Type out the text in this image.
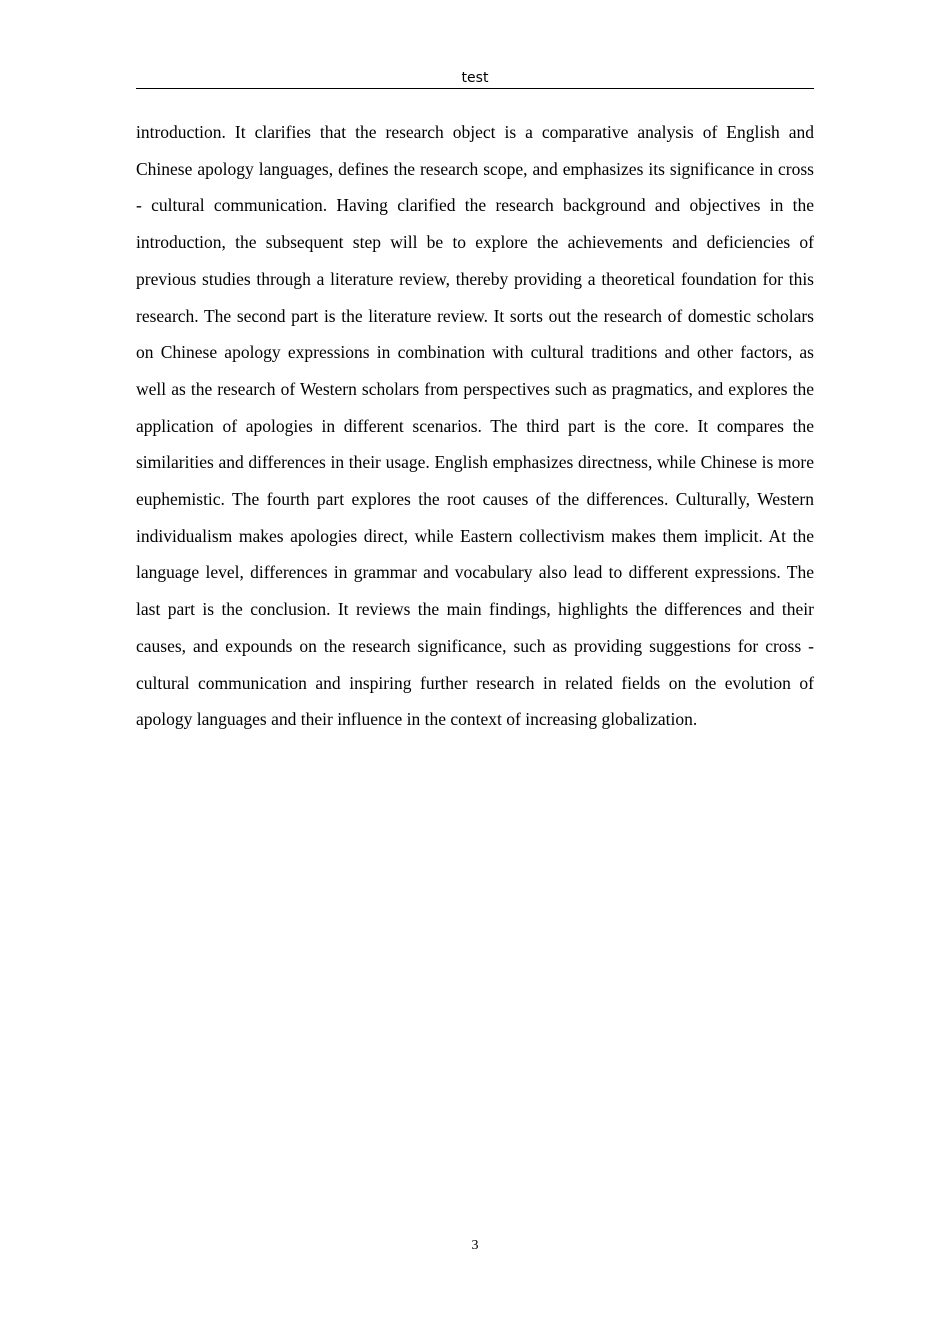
test

introduction. It clarifies that the research object is a comparative analysis of English and Chinese apology languages, defines the research scope, and emphasizes its significance in cross - cultural communication. Having clarified the research background and objectives in the introduction, the subsequent step will be to explore the achievements and deficiencies of previous studies through a literature review, thereby providing a theoretical foundation for this research. The second part is the literature review. It sorts out the research of domestic scholars on Chinese apology expressions in combination with cultural traditions and other factors, as well as the research of Western scholars from perspectives such as pragmatics, and explores the application of apologies in different scenarios. The third part is the core. It compares the similarities and differences in their usage. English emphasizes directness, while Chinese is more euphemistic. The fourth part explores the root causes of the differences. Culturally, Western individualism makes apologies direct, while Eastern collectivism makes them implicit. At the language level, differences in grammar and vocabulary also lead to different expressions. The last part is the conclusion. It reviews the main findings, highlights the differences and their causes, and expounds on the research significance, such as providing suggestions for cross - cultural communication and inspiring further research in related fields on the evolution of apology languages and their influence in the context of increasing globalization.

3
